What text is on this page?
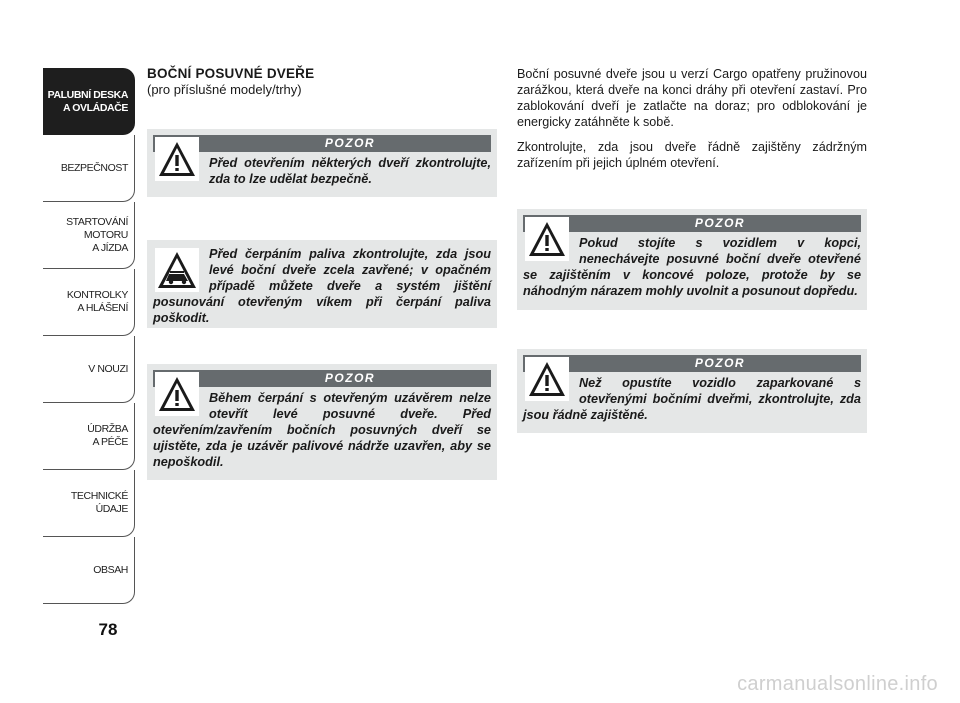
PALUBNÍ DESKA
A OVLÁDAČE
BEZPEČNOST
STARTOVÁNÍ
MOTORU
A JÍZDA
KONTROLKY
A HLÁŠENÍ
V NOUZI
ÚDRŽBA
A PÉČE
TECHNICKÉ
ÚDAJE
OBSAH
78

BOČNÍ POSUVNÉ DVEŘE

(pro příslušné modely/trhy)

POZOR

Před otevřením některých dveří zkontrolujte, zda to lze udělat bezpečně.

Před čerpáním paliva zkontrolujte, zda jsou levé boční dveře zcela zavřené; v opačném případě můžete dveře a systém jištění posunování otevřeným víkem při čerpání paliva poškodit.

POZOR

Během čerpání s otevřeným uzávěrem nelze otevřít levé posuvné dveře. Před otevřením/zavřením bočních posuvných dveří se ujistěte, zda je uzávěr palivové nádrže uzavřen, aby se nepoškodil.

Boční posuvné dveře jsou u verzí Cargo opatřeny pružinovou zarážkou, která dveře na konci dráhy při otevření zastaví. Pro zablokování dveří je zatlačte na doraz; pro odblokování je energicky zatáhněte k sobě.

Zkontrolujte, zda jsou dveře řádně zajištěny zádržným zařízením při jejich úplném otevření.

POZOR

Pokud stojíte s vozidlem v kopci, nenechávejte posuvné boční dveře otevřené se zajištěním v koncové poloze, protože by se náhodným nárazem mohly uvolnit a posunout dopředu.

POZOR

Než opustíte vozidlo zaparkované s otevřenými bočními dveřmi, zkontrolujte, zda jsou řádně zajištěné.

carmanualsonline.info
